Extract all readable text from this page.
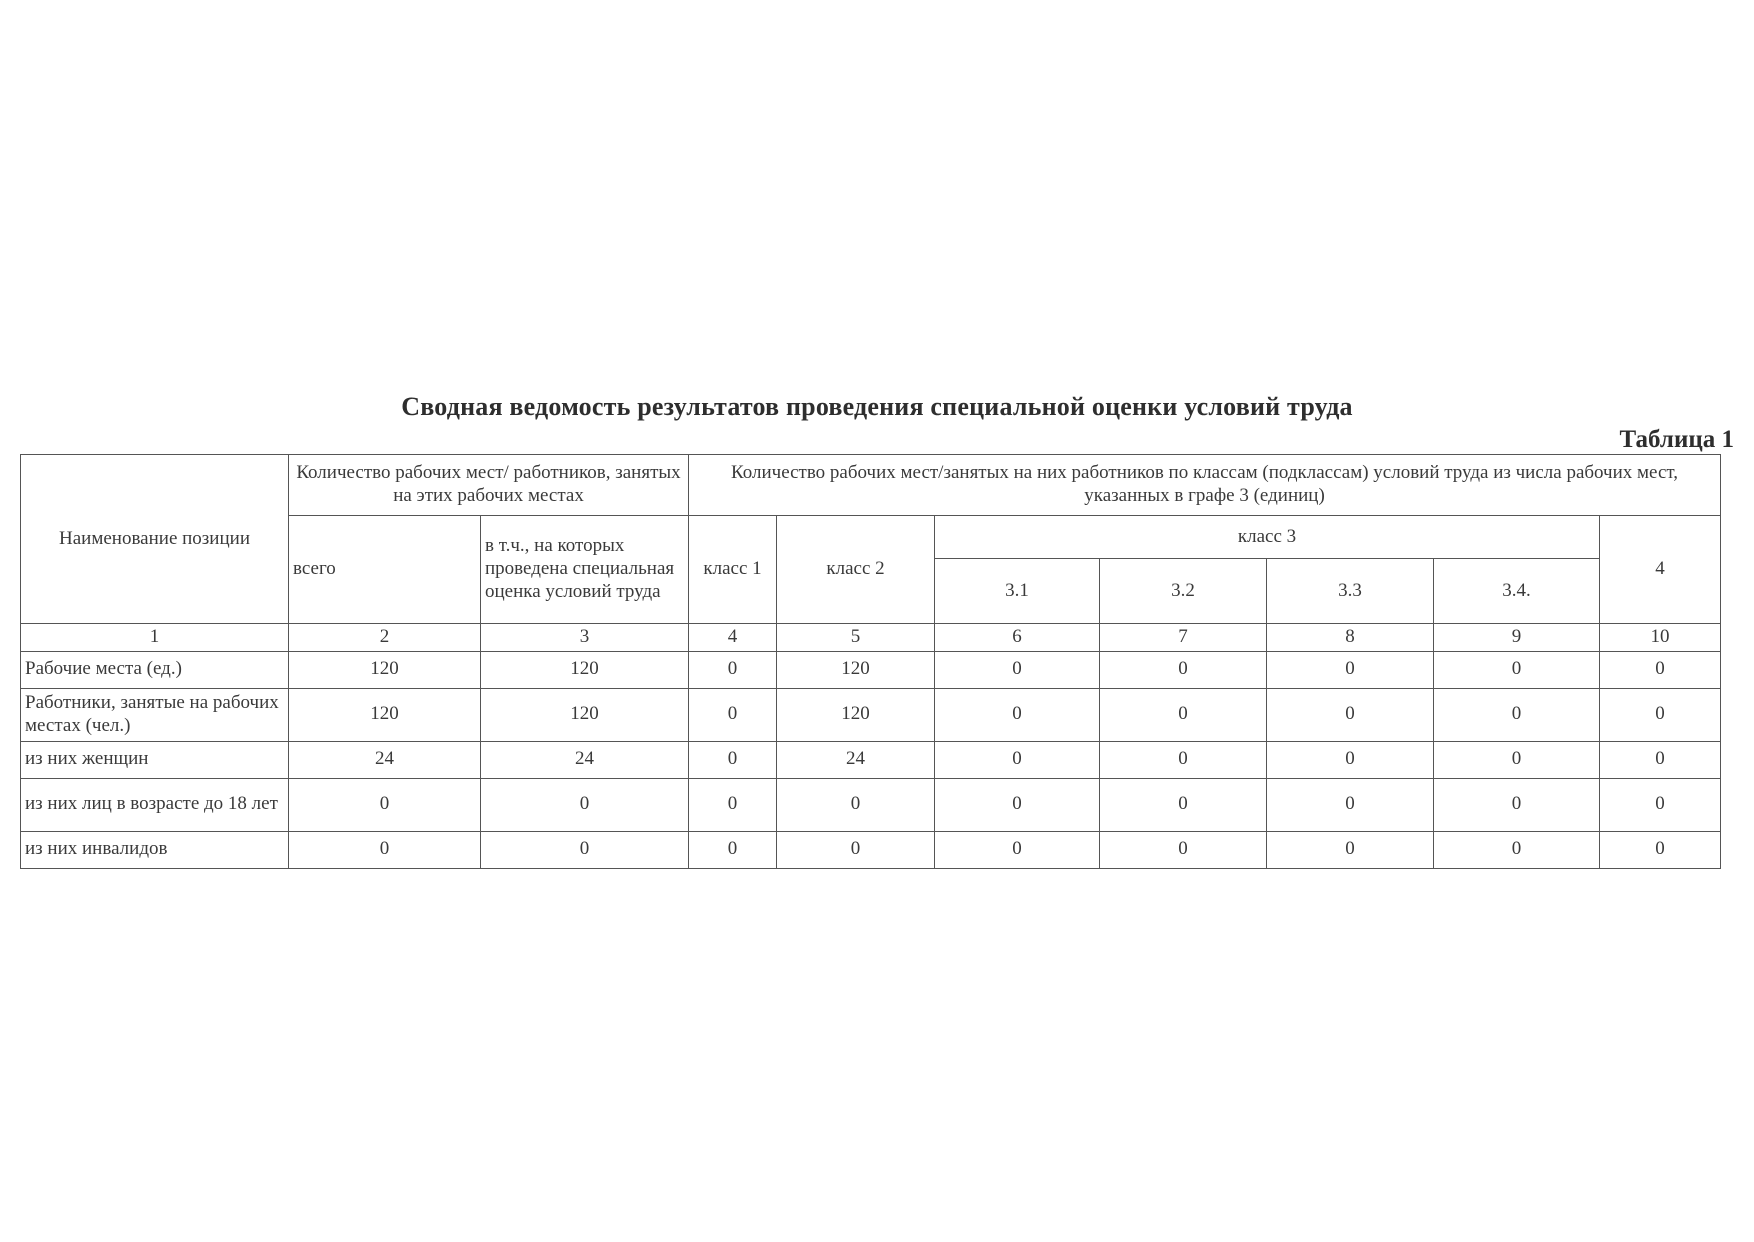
Сводная ведомость результатов проведения специальной оценки условий труда
Таблица 1
Наименование позиции	Количество рабочих мест/ работников, занятых на этих рабочих местах		Количество рабочих мест/занятых на них работников по классам (подклассам) условий труда из числа рабочих мест, указанных в графе 3 (единиц)						
	всего	в т.ч., на которых проведена специальная оценка условий труда	класс 1	класс 2	класс 3				4
					3.1	3.2	3.3	3.4.	
1	2	3	4	5	6	7	8	9	10
Рабочие места (ед.)	120	120	0	120	0	0	0	0	0
Работники, занятые на рабочих местах (чел.)	120	120	0	120	0	0	0	0	0
из них женщин	24	24	0	24	0	0	0	0	0
из них лиц в возрасте до 18 лет	0	0	0	0	0	0	0	0	0
из них инвалидов	0	0	0	0	0	0	0	0	0
